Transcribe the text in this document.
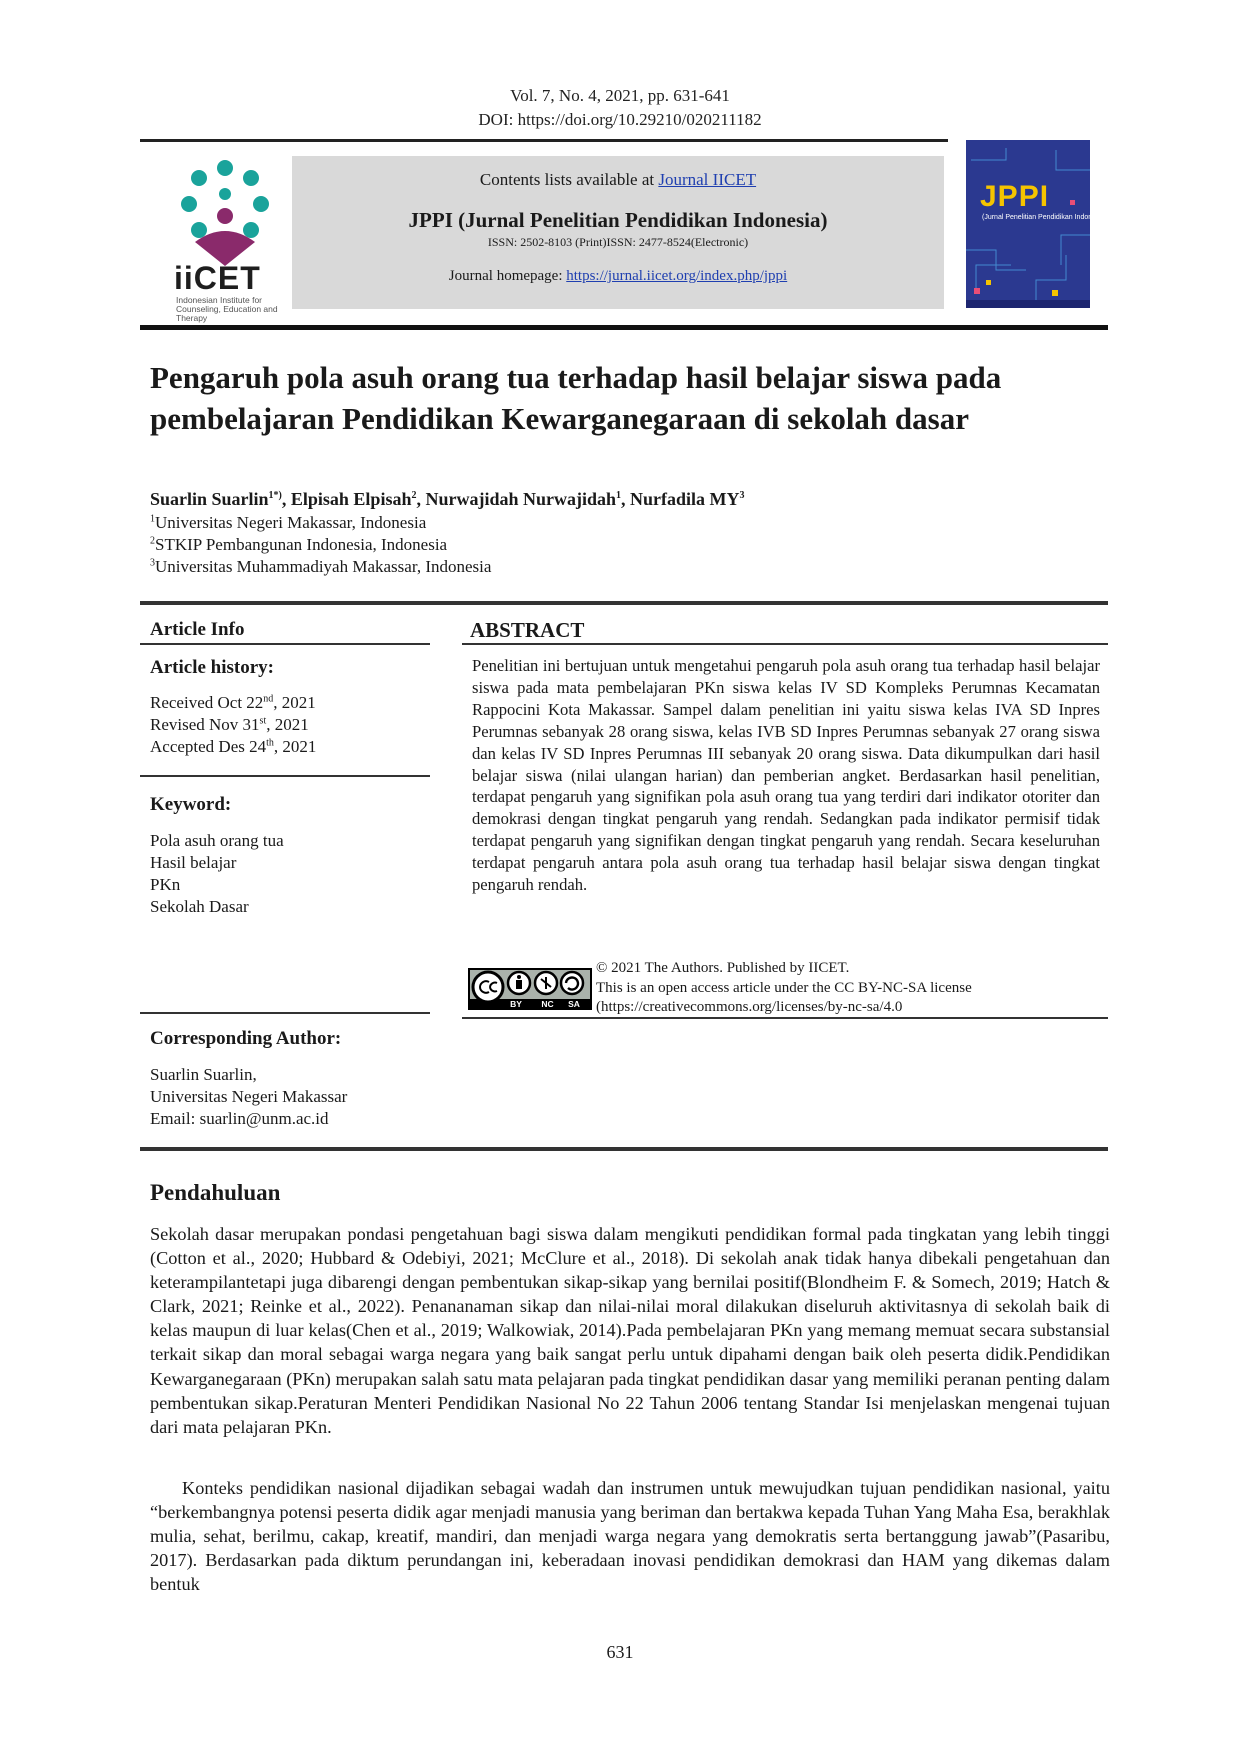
Vol. 7, No. 4, 2021, pp. 631-641
DOI: https://doi.org/10.29210/020211182
iiCET
Indonesian Institute for Counseling, Education and Therapy
Contents lists available at Journal IICET
JPPI (Jurnal Penelitian Pendidikan Indonesia)
ISSN: 2502-8103 (Print)ISSN: 2477-8524(Electronic)
Journal homepage: https://jurnal.iicet.org/index.php/jppi
JPPI
(Jurnal Penelitian Pendidikan Indonesia)
Pengaruh pola asuh orang tua terhadap hasil belajar siswa pada pembelajaran Pendidikan Kewarganegaraan di sekolah dasar
Suarlin Suarlin$^{1*)}$, Elpisah Elpisah$^2$, Nurwajidah Nurwajidah$^1$, Nurfadila $MY^3$
$^1$Universitas Negeri Makassar, Indonesia
$^2$STKIP Pembangunan Indonesia, Indonesia
$^3$Universitas Muhammadiyah Makassar, Indonesia
Article Info
Article history:
Received Oct 22nd, 2021
Revised Nov 31st, 2021
Accepted Des 24th, 2021
Keyword:
Pola asuh orang tua
Hasil belajar
PKn
Sekolah Dasar
Corresponding Author:
Suarlin Suarlin,
Universitas Negeri Makassar
Email: suarlin@unm.ac.id
ABSTRACT
Penelitian ini bertujuan untuk mengetahui pengaruh pola asuh orang tua terhadap hasil belajar siswa pada mata pembelajaran PKn siswa kelas IV SD Kompleks Perumnas Kecamatan Rappocini Kota Makassar. Sampel dalam penelitian ini yaitu siswa kelas IVA SD Inpres Perumnas sebanyak 28 orang siswa, kelas IVB SD Inpres Perumnas sebanyak 27 orang siswa dan kelas IV SD Inpres Perumnas III sebanyak 20 orang siswa. Data dikumpulkan dari hasil belajar siswa (nilai ulangan harian) dan pemberian angket. Berdasarkan hasil penelitian, terdapat pengaruh yang signifikan pola asuh orang tua yang terdiri dari indikator otoriter dan demokrasi dengan tingkat pengaruh yang rendah. Sedangkan pada indikator permisif tidak terdapat pengaruh yang signifikan dengan tingkat pengaruh yang rendah. Secara keseluruhan terdapat pengaruh antara pola asuh orang tua terhadap hasil belajar siswa dengan tingkat pengaruh rendah.
BY NC SA
© 2021 The Authors. Published by IICET.
This is an open access article under the CC BY-NC-SA license
(https://creativecommons.org/licenses/by-nc-sa/4.0
Pendahuluan

Sekolah dasar merupakan pondasi pengetahuan bagi siswa dalam mengikuti pendidikan formal pada tingkatan yang lebih tinggi (Cotton et al., 2020; Hubbard & Odebiyi, 2021; McClure et al., 2018). Di sekolah anak tidak hanya dibekali pengetahuan dan keterampilantetapi juga dibarengi dengan pembentukan sikap-sikap yang bernilai positif(Blondheim F. & Somech, 2019; Hatch & Clark, 2021; Reinke et al., 2022). Penananaman sikap dan nilai-nilai moral dilakukan diseluruh aktivitasnya di sekolah baik di kelas maupun di luar kelas(Chen et al., 2019; Walkowiak, 2014).Pada pembelajaran PKn yang memang memuat secara substansial terkait sikap dan moral sebagai warga negara yang baik sangat perlu untuk dipahami dengan baik oleh peserta didik.Pendidikan Kewarganegaraan (PKn) merupakan salah satu mata pelajaran pada tingkat pendidikan dasar yang memiliki peranan penting dalam pembentukan sikap.Peraturan Menteri Pendidikan Nasional No 22 Tahun 2006 tentang Standar Isi menjelaskan mengenai tujuan dari mata pelajaran PKn.

Konteks pendidikan nasional dijadikan sebagai wadah dan instrumen untuk mewujudkan tujuan pendidikan nasional, yaitu “berkembangnya potensi peserta didik agar menjadi manusia yang beriman dan bertakwa kepada Tuhan Yang Maha Esa, berakhlak mulia, sehat, berilmu, cakap, kreatif, mandiri, dan menjadi warga negara yang demokratis serta bertanggung jawab”(Pasaribu, 2017). Berdasarkan pada diktum perundangan ini, keberadaan inovasi pendidikan demokrasi dan HAM yang dikemas dalam bentuk

631
